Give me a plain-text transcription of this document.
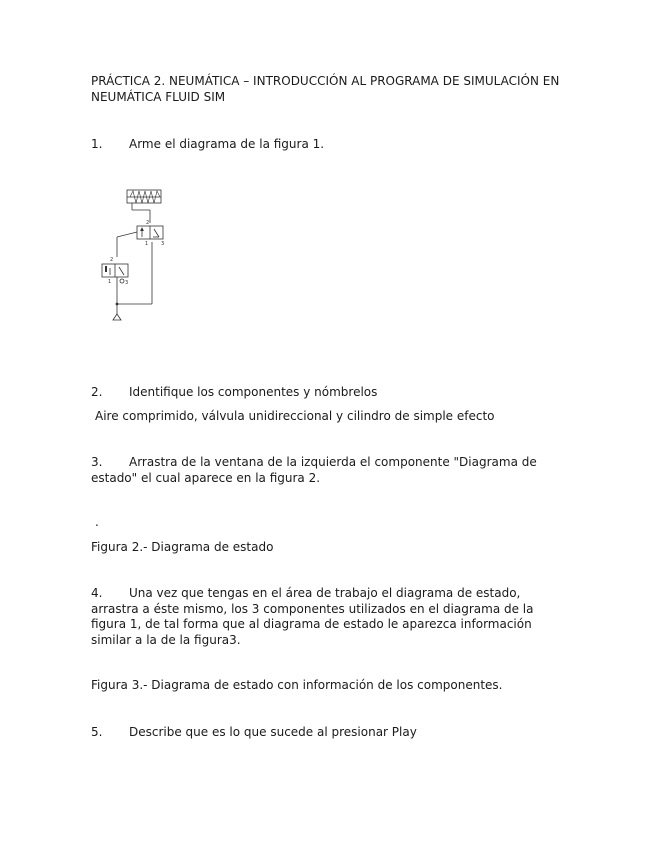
PRÁCTICA 2. NEUMÁTICA – INTRODUCCIÓN AL PROGRAMA DE SIMULACIÓN EN NEUMÁTICA FLUID SIM

1. Arme el diagrama de la figura 1.
2
2
1	3
1	3
2. Identifique los componentes y nómbrelos

Aire comprimido, válvula unidireccional y cilindro de simple efecto

3. Arrastra de la ventana de la izquierda el componente "Diagrama de estado" el cual aparece en la figura 2.
.

Figura 2.- Diagrama de estado

4. Una vez que tengas en el área de trabajo el diagrama de estado, arrastra a éste mismo, los 3 componentes utilizados en el diagrama de la figura 1, de tal forma que al diagrama de estado le aparezca información similar a la de la figura3.

Figura 3.- Diagrama de estado con información de los componentes.

5. Describe que es lo que sucede al presionar Play
